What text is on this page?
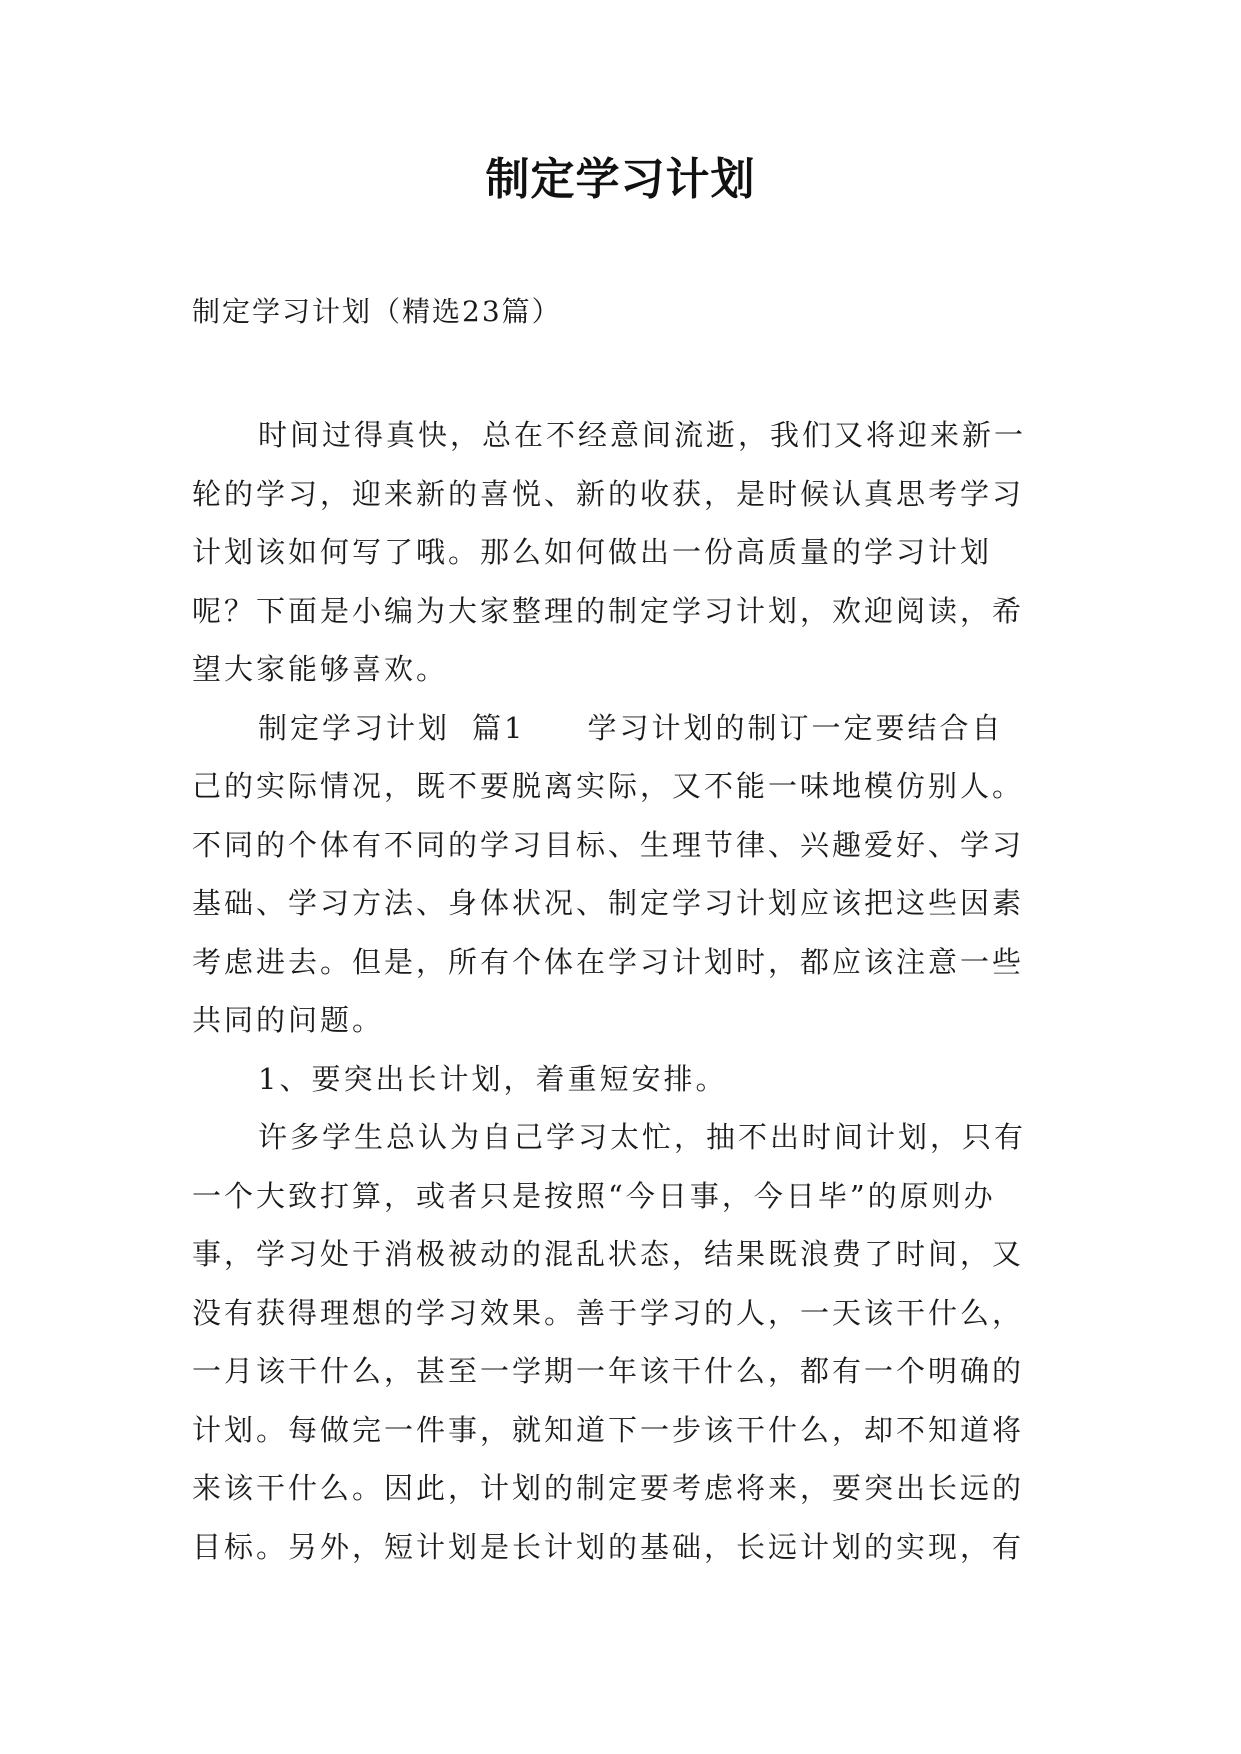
制定学习计划
制定学习计划（精选23篇）
时间过得真快，总在不经意间流逝，我们又将迎来新一
轮的学习，迎来新的喜悦、新的收获，是时候认真思考学习
计划该如何写了哦。那么如何做出一份高质量的学习计划
呢？下面是小编为大家整理的制定学习计划，欢迎阅读，希
望大家能够喜欢。
制定学习计划 篇1 学习计划的制订一定要结合自
己的实际情况，既不要脱离实际，又不能一味地模仿别人。
不同的个体有不同的学习目标、生理节律、兴趣爱好、学习
基础、学习方法、身体状况、制定学习计划应该把这些因素
考虑进去。但是，所有个体在学习计划时，都应该注意一些
共同的问题。
1、要突出长计划，着重短安排。
许多学生总认为自己学习太忙，抽不出时间计划，只有
一个大致打算，或者只是按照“今日事，今日毕”的原则办
事，学习处于消极被动的混乱状态，结果既浪费了时间，又
没有获得理想的学习效果。善于学习的人，一天该干什么，
一月该干什么，甚至一学期一年该干什么，都有一个明确的
计划。每做完一件事，就知道下一步该干什么，却不知道将
来该干什么。因此，计划的制定要考虑将来，要突出长远的
目标。另外，短计划是长计划的基础，长远计划的实现，有
